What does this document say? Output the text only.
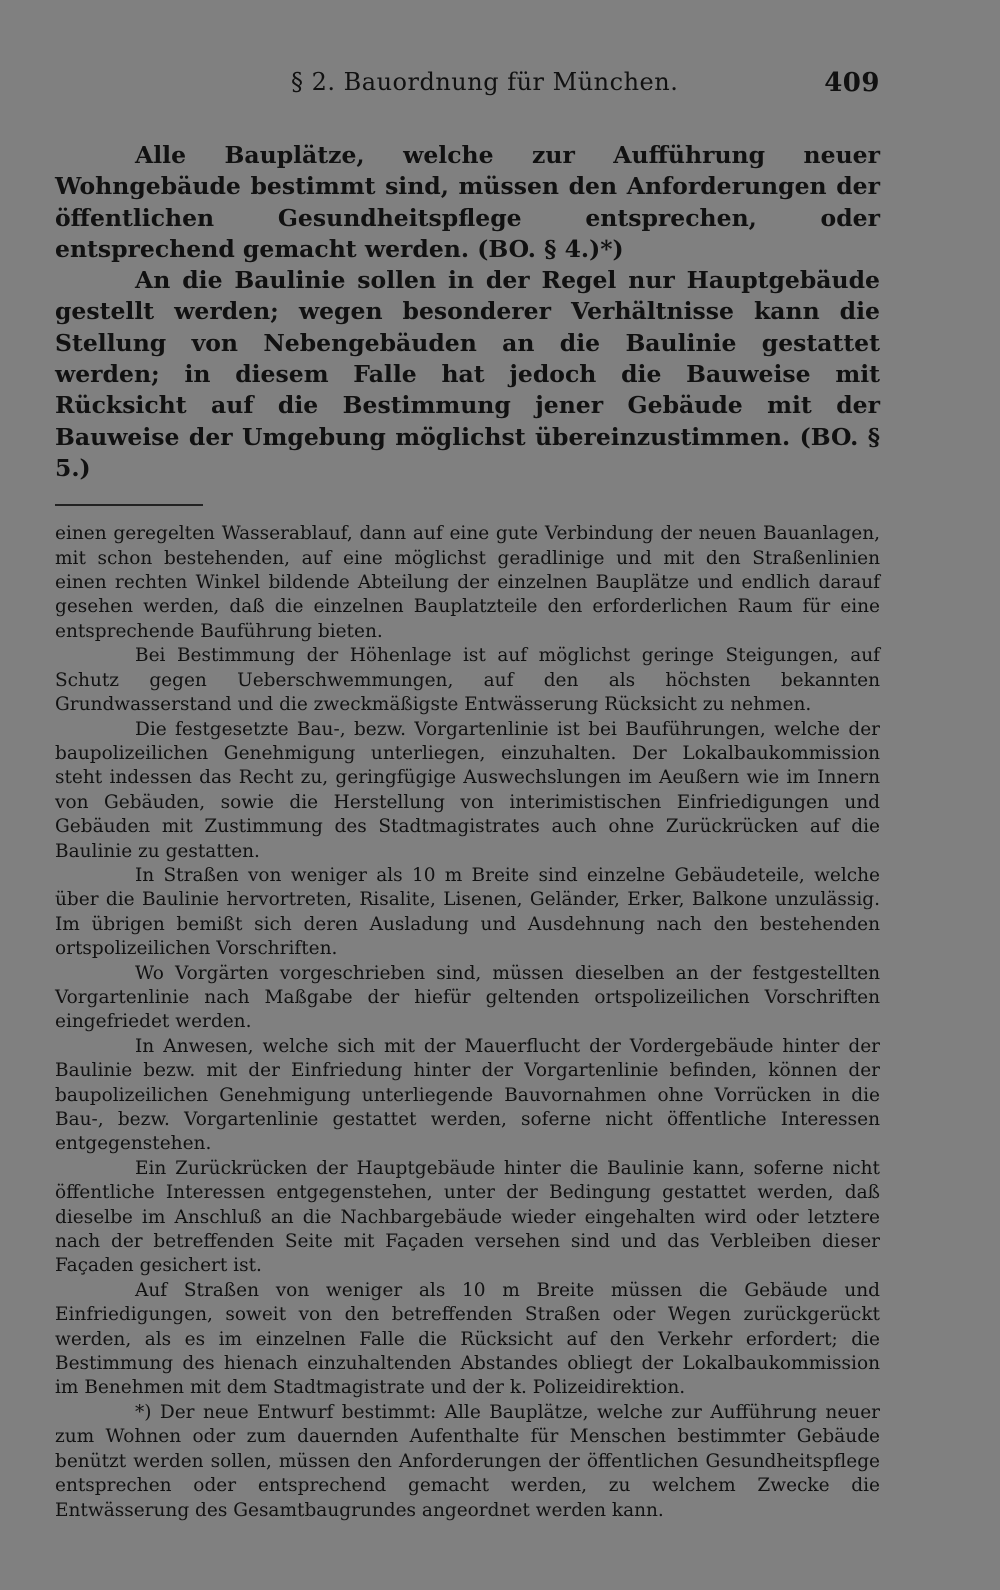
§ 2. Bauordnung für München.	409

Alle Bauplätze, welche zur Aufführung neuer Wohngebäude bestimmt sind, müssen den Anforderungen der öffentlichen Gesundheitspflege entsprechen, oder entsprechend gemacht werden. (BO. § 4.)*)

An die Baulinie sollen in der Regel nur Hauptgebäude gestellt werden; wegen besonderer Verhältnisse kann die Stellung von Nebengebäuden an die Baulinie gestattet werden; in diesem Falle hat jedoch die Bauweise mit Rücksicht auf die Bestimmung jener Gebäude mit der Bauweise der Umgebung möglichst übereinzustimmen. (BO. § 5.)

einen geregelten Wasserablauf, dann auf eine gute Verbindung der neuen Bauanlagen, mit schon bestehenden, auf eine möglichst geradlinige und mit den Straßenlinien einen rechten Winkel bildende Abteilung der einzelnen Bauplätze und endlich darauf gesehen werden, daß die einzelnen Bauplatzteile den erforderlichen Raum für eine entsprechende Bauführung bieten.

Bei Bestimmung der Höhenlage ist auf möglichst geringe Steigungen, auf Schutz gegen Ueberschwemmungen, auf den als höchsten bekannten Grundwasserstand und die zweckmäßigste Entwässerung Rücksicht zu nehmen.

Die festgesetzte Bau-, bezw. Vorgartenlinie ist bei Bauführungen, welche der baupolizeilichen Genehmigung unterliegen, einzuhalten. Der Lokalbaukommission steht indessen das Recht zu, geringfügige Auswechslungen im Aeußern wie im Innern von Gebäuden, sowie die Herstellung von interimistischen Einfriedigungen und Gebäuden mit Zustimmung des Stadtmagistrates auch ohne Zurückrücken auf die Baulinie zu gestatten.

In Straßen von weniger als 10 m Breite sind einzelne Gebäudeteile, welche über die Baulinie hervortreten, Risalite, Lisenen, Geländer, Erker, Balkone unzulässig. Im übrigen bemißt sich deren Ausladung und Ausdehnung nach den bestehenden ortspolizeilichen Vorschriften.

Wo Vorgärten vorgeschrieben sind, müssen dieselben an der festgestellten Vorgartenlinie nach Maßgabe der hiefür geltenden ortspolizeilichen Vorschriften eingefriedet werden.

In Anwesen, welche sich mit der Mauerflucht der Vordergebäude hinter der Baulinie bezw. mit der Einfriedung hinter der Vorgartenlinie befinden, können der baupolizeilichen Genehmigung unterliegende Bauvornahmen ohne Vorrücken in die Bau-, bezw. Vorgartenlinie gestattet werden, soferne nicht öffentliche Interessen entgegenstehen.

Ein Zurückrücken der Hauptgebäude hinter die Baulinie kann, soferne nicht öffentliche Interessen entgegenstehen, unter der Bedingung gestattet werden, daß dieselbe im Anschluß an die Nachbargebäude wieder eingehalten wird oder letztere nach der betreffenden Seite mit Façaden versehen sind und das Verbleiben dieser Façaden gesichert ist.

Auf Straßen von weniger als 10 m Breite müssen die Gebäude und Einfriedigungen, soweit von den betreffenden Straßen oder Wegen zurückgerückt werden, als es im einzelnen Falle die Rücksicht auf den Verkehr erfordert; die Bestimmung des hienach einzuhaltenden Abstandes obliegt der Lokalbaukommission im Benehmen mit dem Stadtmagistrate und der k. Polizeidirektion.

*) Der neue Entwurf bestimmt: Alle Bauplätze, welche zur Aufführung neuer zum Wohnen oder zum dauernden Aufenthalte für Menschen bestimmter Gebäude benützt werden sollen, müssen den Anforderungen der öffentlichen Gesundheitspflege entsprechen oder entsprechend gemacht werden, zu welchem Zwecke die Entwässerung des Gesamtbaugrundes angeordnet werden kann.
